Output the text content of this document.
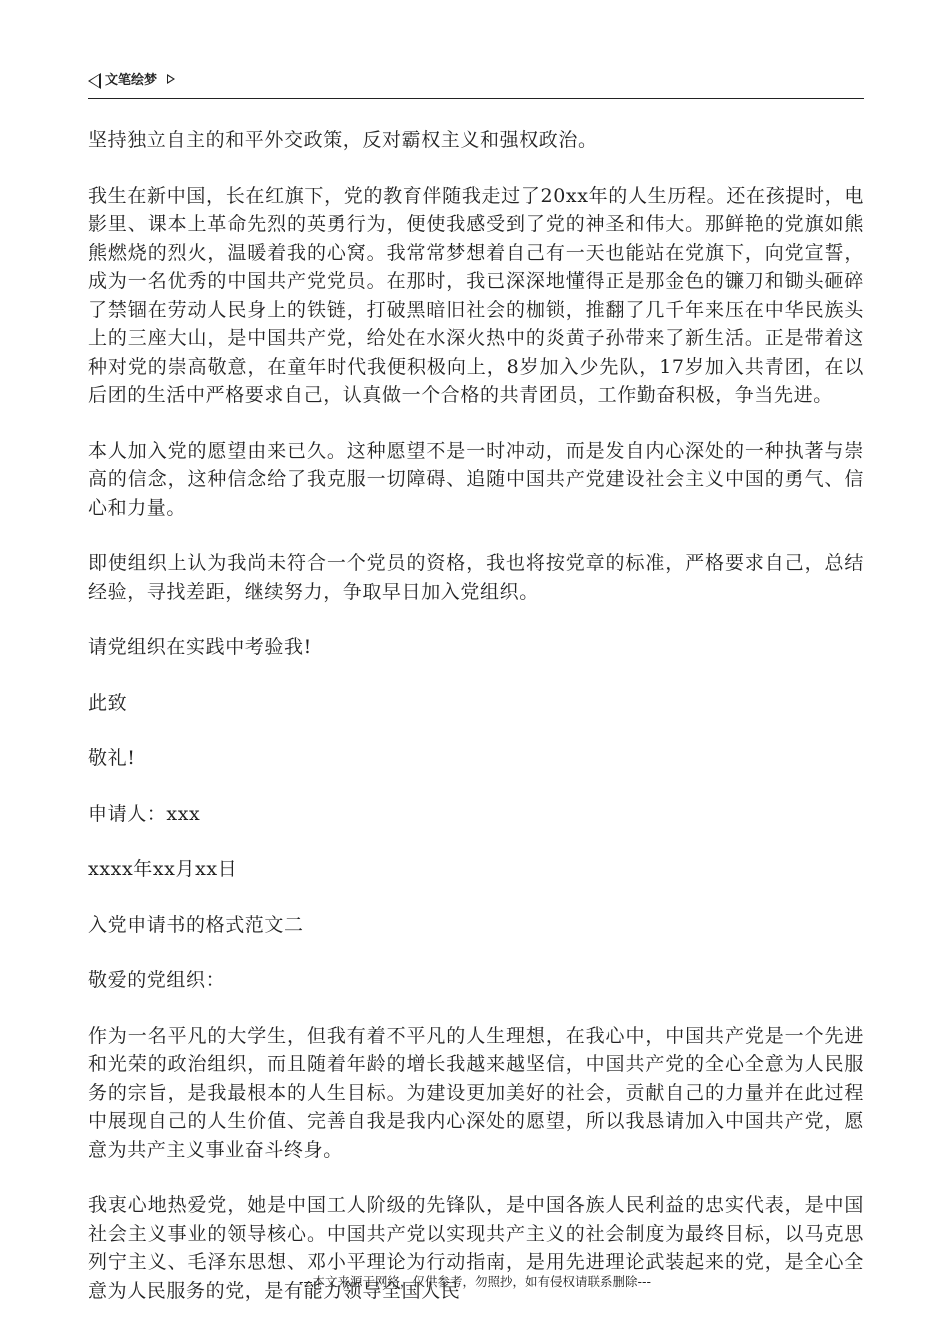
文笔绘梦

坚持独立自主的和平外交政策，反对霸权主义和强权政治。

我生在新中国，长在红旗下，党的教育伴随我走过了20xx年的人生历程。还在孩提时，电影里、课本上革命先烈的英勇行为，便使我感受到了党的神圣和伟大。那鲜艳的党旗如熊熊燃烧的烈火，温暖着我的心窝。我常常梦想着自己有一天也能站在党旗下，向党宣誓，成为一名优秀的中国共产党党员。在那时，我已深深地懂得正是那金色的镰刀和锄头砸碎了禁锢在劳动人民身上的铁链，打破黑暗旧社会的枷锁，推翻了几千年来压在中华民族头上的三座大山，是中国共产党，给处在水深火热中的炎黄子孙带来了新生活。正是带着这种对党的崇高敬意，在童年时代我便积极向上，8岁加入少先队，17岁加入共青团，在以后团的生活中严格要求自己，认真做一个合格的共青团员，工作勤奋积极，争当先进。

本人加入党的愿望由来已久。这种愿望不是一时冲动，而是发自内心深处的一种执著与崇高的信念，这种信念给了我克服一切障碍、追随中国共产党建设社会主义中国的勇气、信心和力量。

即使组织上认为我尚未符合一个党员的资格，我也将按党章的标准，严格要求自己，总结经验，寻找差距，继续努力，争取早日加入党组织。

请党组织在实践中考验我!

此致

敬礼!

申请人：xxx

xxxx年xx月xx日

入党申请书的格式范文二

敬爱的党组织：

作为一名平凡的大学生，但我有着不平凡的人生理想，在我心中，中国共产党是一个先进和光荣的政治组织，而且随着年龄的增长我越来越坚信，中国共产党的全心全意为人民服务的宗旨，是我最根本的人生目标。为建设更加美好的社会，贡献自己的力量并在此过程中展现自己的人生价值、完善自我是我内心深处的愿望，所以我恳请加入中国共产党，愿意为共产主义事业奋斗终身。

我衷心地热爱党，她是中国工人阶级的先锋队，是中国各族人民利益的忠实代表，是中国社会主义事业的领导核心。中国共产党以实现共产主义的社会制度为最终目标，以马克思列宁主义、毛泽东思想、邓小平理论为行动指南，是用先进理论武装起来的党，是全心全意为人民服务的党，是有能力领导全国人民

---本文来源于网络，仅供参考，勿照抄，如有侵权请联系删除---
